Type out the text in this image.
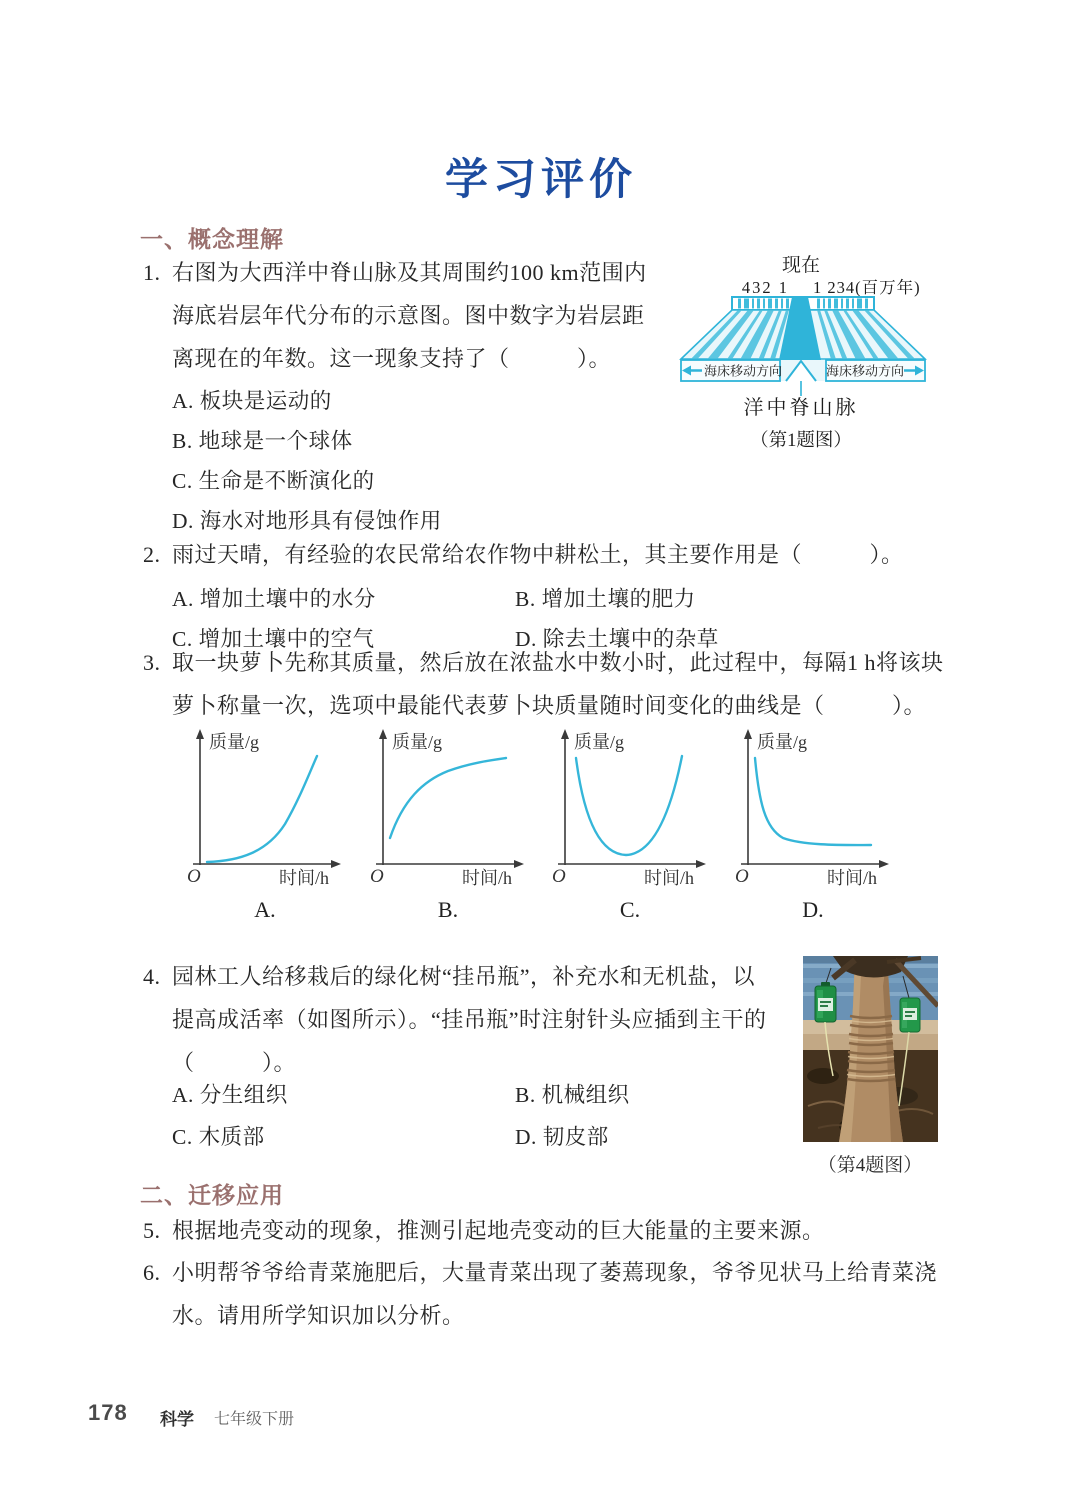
学习评价
一、概念理解
1. 右图为大西洋中脊山脉及其周围约100 km范围内
海底岩层年代分布的示意图。图中数字为岩层距
离现在的年数。这一现象支持了（　　　）。
A. 板块是运动的
B. 地球是一个球体
C. 生命是不断演化的
D. 海水对地形具有侵蚀作用
现在
432 1 1 234(百万年)
海床移动方向	海床移动方向
洋中脊山脉
（第1题图）
2. 雨过天晴，有经验的农民常给农作物中耕松土，其主要作用是（　　　）。
A. 增加土壤中的水分	B. 增加土壤的肥力
C. 增加土壤中的空气	D. 除去土壤中的杂草
3. 取一块萝卜先称其质量，然后放在浓盐水中数小时，此过程中，每隔1 h将该块
萝卜称量一次，选项中最能代表萝卜块质量随时间变化的曲线是（　　　）。
质量/g
O	时间/h
A.
质量/g
O	时间/h
B.
质量/g
O	时间/h
C.
质量/g
O	时间/h
D.
4. 园林工人给移栽后的绿化树“挂吊瓶”，补充水和无机盐，以
提高成活率（如图所示）。“挂吊瓶”时注射针头应插到主干的
（　　　）。
A. 分生组织	B. 机械组织
C. 木质部	D. 韧皮部
（第4题图）
二、迁移应用
5. 根据地壳变动的现象，推测引起地壳变动的巨大能量的主要来源。
6. 小明帮爷爷给青菜施肥后，大量青菜出现了萎蔫现象，爷爷见状马上给青菜浇
水。请用所学知识加以分析。
178 科学 七年级下册
